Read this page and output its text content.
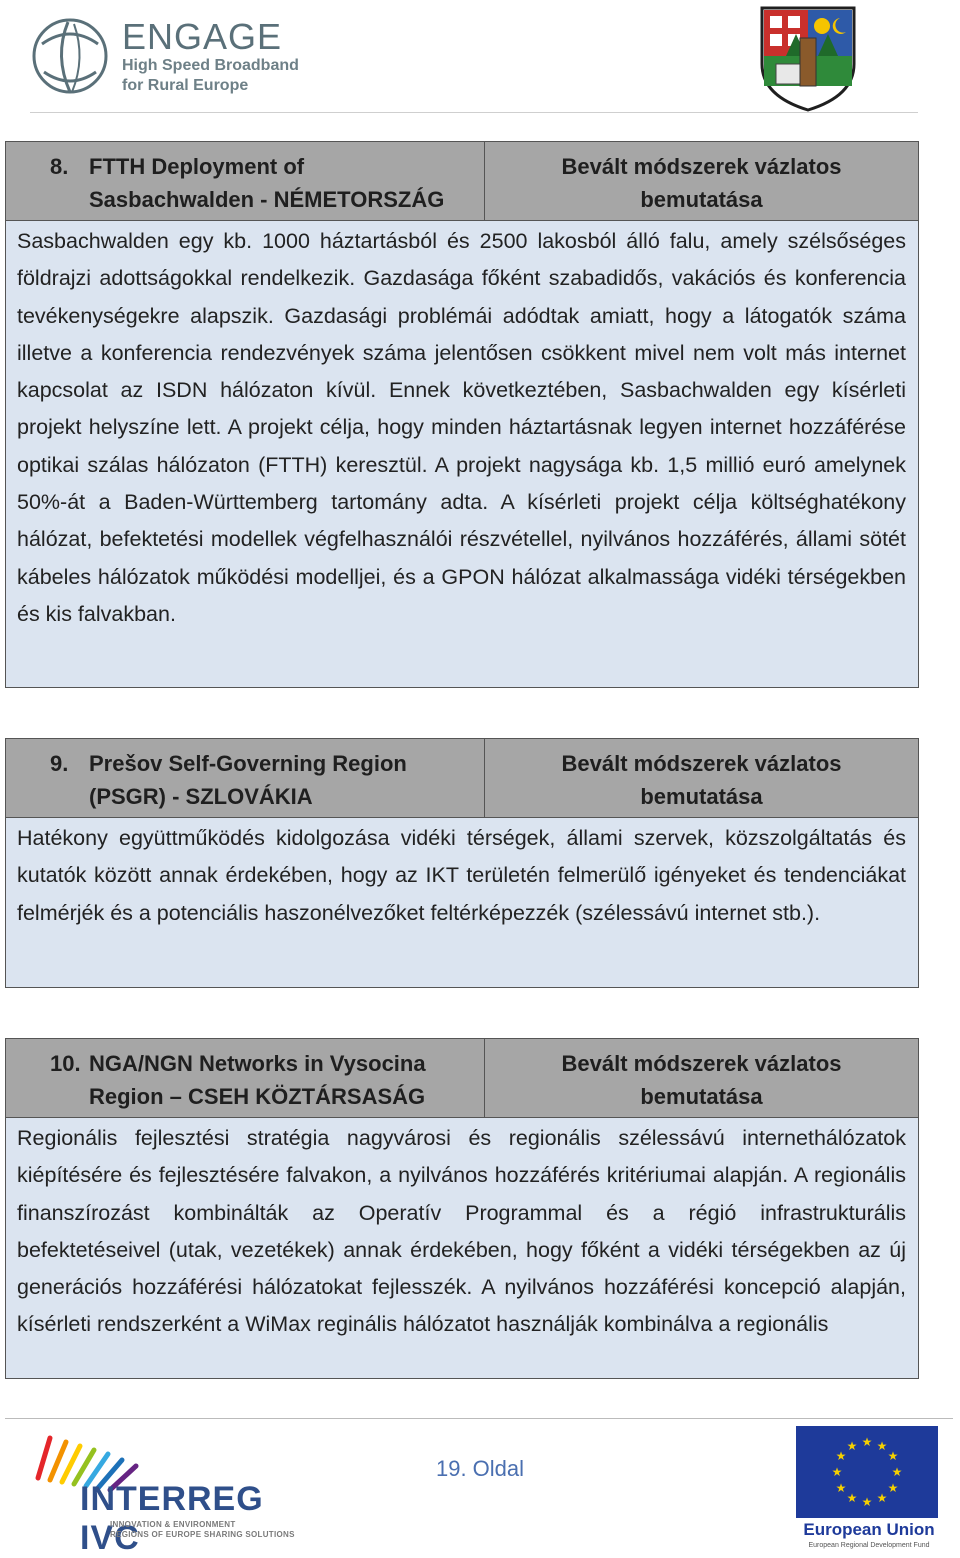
ENGAGE
High Speed Broadband
for Rural Europe
8. FTTH Deployment of
Sasbachwalden - NÉMETORSZÁG
Bevált módszerek vázlatos
bemutatása
Sasbachwalden egy kb. 1000 háztartásból és 2500 lakosból álló falu, amely szélsőséges földrajzi adottságokkal rendelkezik. Gazdasága főként szabadidős, vakációs és konferencia tevékenységekre alapszik. Gazdasági problémái adódtak amiatt, hogy a látogatók száma illetve a konferencia rendezvények száma jelentősen csökkent mivel nem volt más internet kapcsolat az ISDN hálózaton kívül. Ennek következtében, Sasbachwalden egy kísérleti projekt helyszíne lett. A projekt célja, hogy minden háztartásnak legyen internet hozzáférése optikai szálas hálózaton (FTTH) keresztül. A projekt nagysága kb. 1,5 millió euró amelynek 50%-át a Baden-Württemberg tartomány adta. A kísérleti projekt célja költséghatékony hálózat, befektetési modellek végfelhasználói részvétellel, nyilvános hozzáférés, állami sötét kábeles hálózatok működési modelljei, és a GPON hálózat alkalmassága vidéki térségekben és kis falvakban.
9. Prešov Self-Governing Region
(PSGR) - SZLOVÁKIA
Bevált módszerek vázlatos
bemutatása
Hatékony együttműködés kidolgozása vidéki térségek, állami szervek, közszolgáltatás és kutatók között annak érdekében, hogy az IKT területén felmerülő igényeket és tendenciákat felmérjék és a potenciális haszonélvezőket feltérképezzék (szélessávú internet stb.).
10. NGA/NGN Networks in Vysocina
Region – CSEH KÖZTÁRSASÁG
Bevált módszerek vázlatos
bemutatása
Regionális fejlesztési stratégia nagyvárosi és regionális szélessávú internethálózatok kiépítésére és fejlesztésére falvakon, a nyilvános hozzáférés kritériumai alapján. A regionális finanszírozást kombinálták az Operatív Programmal és a régió infrastrukturális befektetéseivel (utak, vezetékek) annak érdekében, hogy főként a vidéki térségekben az új generációs hozzáférési hálózatokat fejlesszék. A nyilvános hozzáférési koncepció alapján, kísérleti rendszerként a WiMax reginális hálózatot használják kombinálva a regionális
INTERREG IVC
INNOVATION & ENVIRONMENT
REGIONS OF EUROPE SHARING SOLUTIONS
19. Oldal
★ ★
★
★
★
★
★
★
★
★
★
★
European Union
European Regional Development Fund
